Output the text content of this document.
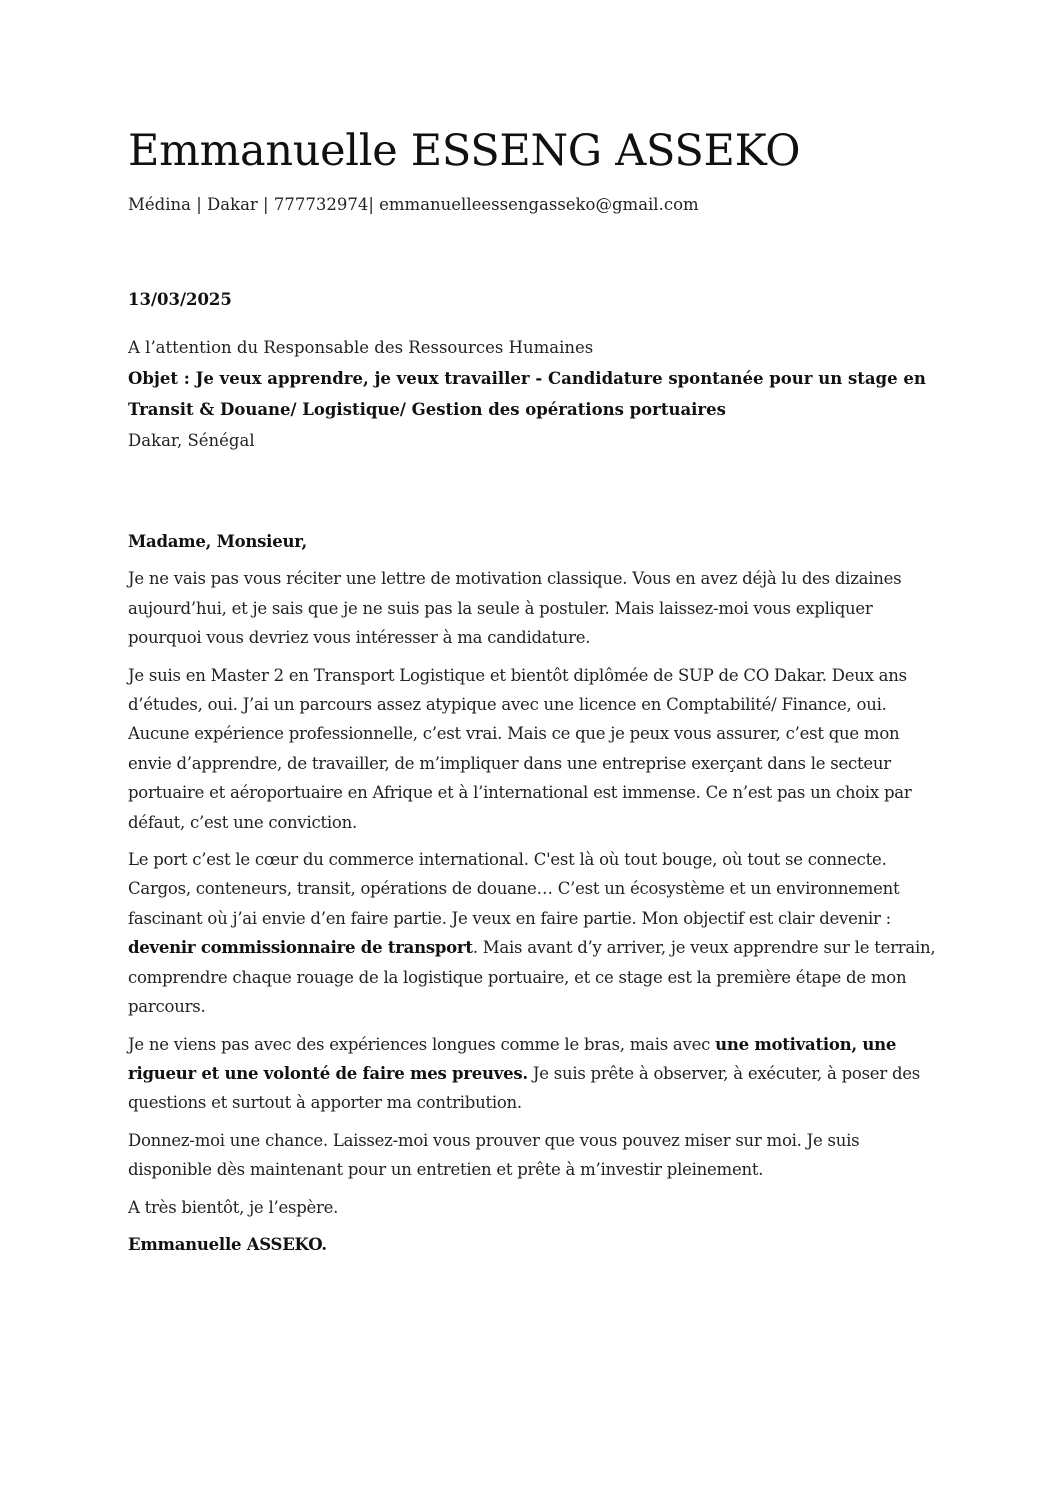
Emmanuelle ESSENG ASSEKO
Médina | Dakar | 777732974| emmanuelleessengasseko@gmail.com
13/03/2025
A l’attention du Responsable des Ressources Humaines
Objet : Je veux apprendre, je veux travailler - Candidature spontanée pour un stage en Transit & Douane/ Logistique/ Gestion des opérations portuaires
Dakar, Sénégal

Madame, Monsieur,

Je ne vais pas vous réciter une lettre de motivation classique. Vous en avez déjà lu des dizaines aujourd’hui, et je sais que je ne suis pas la seule à postuler. Mais laissez-moi vous expliquer pourquoi vous devriez vous intéresser à ma candidature.

Je suis en Master 2 en Transport Logistique et bientôt diplômée de SUP de CO Dakar. Deux ans d’études, oui. J’ai un parcours assez atypique avec une licence en Comptabilité/ Finance, oui. Aucune expérience professionnelle, c’est vrai. Mais ce que je peux vous assurer, c’est que mon envie d’apprendre, de travailler, de m’impliquer dans une entreprise exerçant dans le secteur portuaire et aéroportuaire en Afrique et à l’international est immense. Ce n’est pas un choix par défaut, c’est une conviction.

Le port c’est le cœur du commerce international. C'est là où tout bouge, où tout se connecte. Cargos, conteneurs, transit, opérations de douane… C’est un écosystème et un environnement fascinant où j’ai envie d’en faire partie. Je veux en faire partie. Mon objectif est clair devenir : devenir commissionnaire de transport. Mais avant d’y arriver, je veux apprendre sur le terrain, comprendre chaque rouage de la logistique portuaire, et ce stage est la première étape de mon parcours.

Je ne viens pas avec des expériences longues comme le bras, mais avec une motivation, une rigueur et une volonté de faire mes preuves. Je suis prête à observer, à exécuter, à poser des questions et surtout à apporter ma contribution.

Donnez-moi une chance. Laissez-moi vous prouver que vous pouvez miser sur moi. Je suis disponible dès maintenant pour un entretien et prête à m’investir pleinement.

A très bientôt, je l’espère.

Emmanuelle ASSEKO.
